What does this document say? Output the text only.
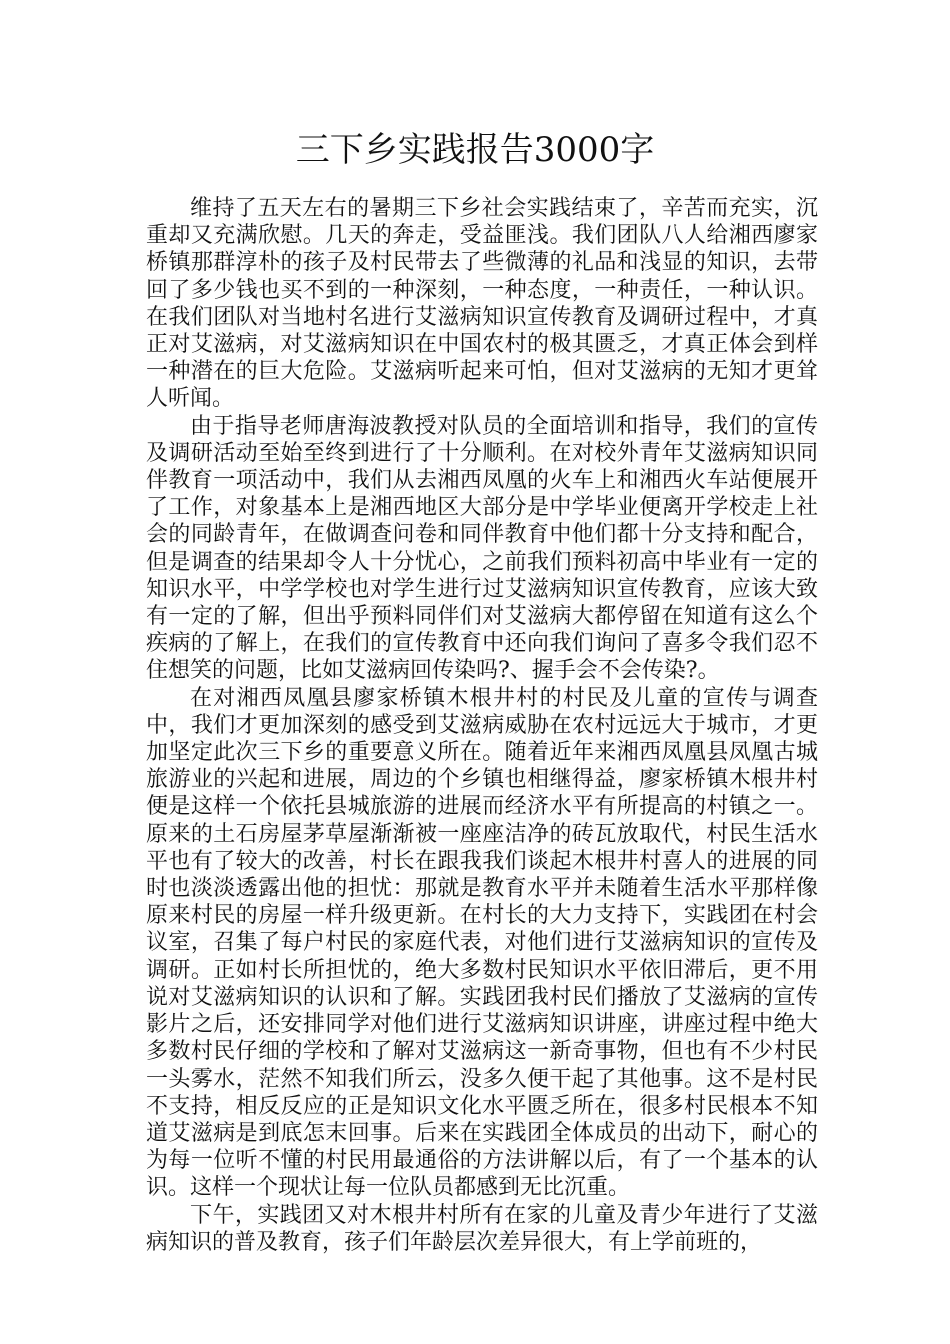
三下乡实践报告3000字

维持了五天左右的暑期三下乡社会实践结束了，辛苦而充实，沉重却又充满欣慰。几天的奔走，受益匪浅。我们团队八人给湘西廖家桥镇那群淳朴的孩子及村民带去了些微薄的礼品和浅显的知识，去带回了多少钱也买不到的一种深刻，一种态度，一种责任，一种认识。在我们团队对当地村名进行艾滋病知识宣传教育及调研过程中，才真正对艾滋病，对艾滋病知识在中国农村的极其匮乏，才真正体会到样一种潜在的巨大危险。艾滋病听起来可怕，但对艾滋病的无知才更耸人听闻。

由于指导老师唐海波教授对队员的全面培训和指导，我们的宣传及调研活动至始至终到进行了十分顺利。在对校外青年艾滋病知识同伴教育一项活动中，我们从去湘西凤凰的火车上和湘西火车站便展开了工作，对象基本上是湘西地区大部分是中学毕业便离开学校走上社会的同龄青年，在做调查问卷和同伴教育中他们都十分支持和配合，但是调查的结果却令人十分忧心，之前我们预料初高中毕业有一定的知识水平，中学学校也对学生进行过艾滋病知识宣传教育，应该大致有一定的了解，但出乎预料同伴们对艾滋病大都停留在知道有这么个疾病的了解上，在我们的宣传教育中还向我们询问了喜多令我们忍不住想笑的问题，比如艾滋病回传染吗?、握手会不会传染?。

在对湘西凤凰县廖家桥镇木根井村的村民及儿童的宣传与调查中，我们才更加深刻的感受到艾滋病威胁在农村远远大于城市，才更加坚定此次三下乡的重要意义所在。随着近年来湘西凤凰县凤凰古城旅游业的兴起和进展，周边的个乡镇也相继得益，廖家桥镇木根井村便是这样一个依托县城旅游的进展而经济水平有所提高的村镇之一。原来的土石房屋茅草屋渐渐被一座座洁净的砖瓦放取代，村民生活水平也有了较大的改善，村长在跟我我们谈起木根井村喜人的进展的同时也淡淡透露出他的担忧：那就是教育水平并未随着生活水平那样像原来村民的房屋一样升级更新。在村长的大力支持下，实践团在村会议室，召集了每户村民的家庭代表，对他们进行艾滋病知识的宣传及调研。正如村长所担忧的，绝大多数村民知识水平依旧滞后，更不用说对艾滋病知识的认识和了解。实践团我村民们播放了艾滋病的宣传影片之后，还安排同学对他们进行艾滋病知识讲座，讲座过程中绝大多数村民仔细的学校和了解对艾滋病这一新奇事物，但也有不少村民一头雾水，茫然不知我们所云，没多久便干起了其他事。这不是村民不支持，相反反应的正是知识文化水平匮乏所在，很多村民根本不知道艾滋病是到底怎末回事。后来在实践团全体成员的出动下，耐心的为每一位听不懂的村民用最通俗的方法讲解以后，有了一个基本的认识。这样一个现状让每一位队员都感到无比沉重。

下午，实践团又对木根井村所有在家的儿童及青少年进行了艾滋病知识的普及教育，孩子们年龄层次差异很大，有上学前班的，
